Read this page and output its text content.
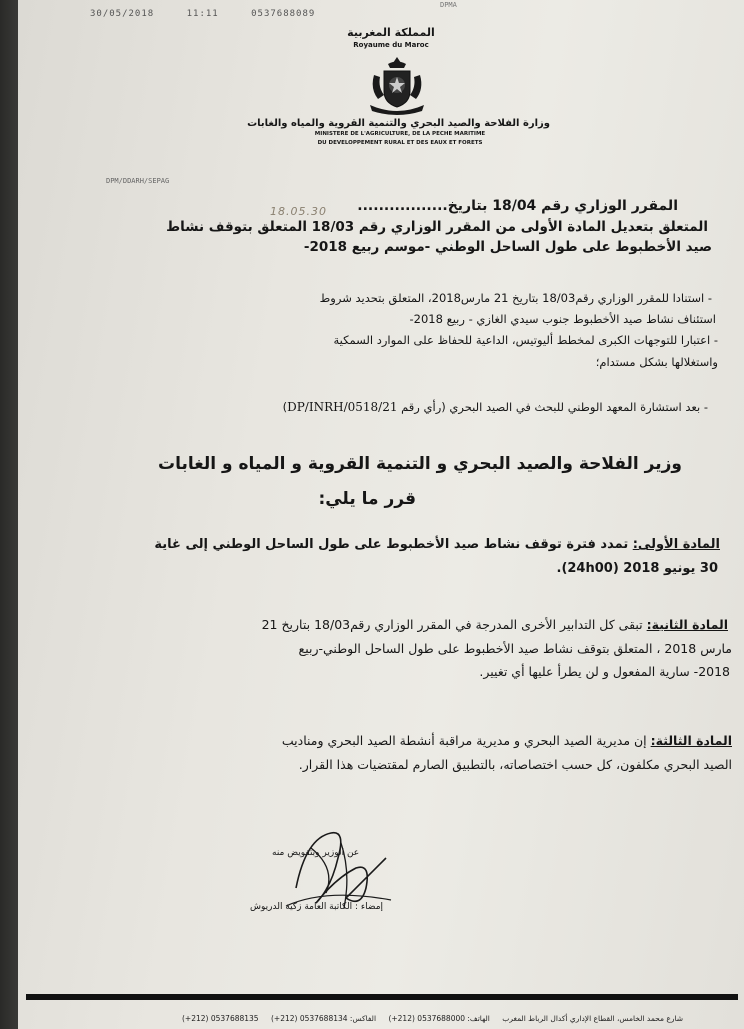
30/05/2018	11:11	0537688089
DPMA
المملكة المغربية
Royaume du Maroc
وزارة الفلاحة والصيد البحري والتنمية القروية والمياه والغابات
MINISTERE DE L'AGRICULTURE, DE LA PECHE MARITIME
DU DEVELOPPEMENT RURAL ET DES EAUX ET FORETS
DPM/DDARH/SEPAG
المقرر الوزاري رقم 18/04 بتاريخ.................
18.05.30
المتعلق بتعديل المادة الأولى من المقرر الوزاري رقم 18/03 المتعلق بتوقف نشاط
صيد الأخطبوط على طول الساحل الوطني -موسم ربيع 2018-
- استنادا للمقرر الوزاري رقم18/03 بتاريخ 21 مارس2018، المتعلق بتحديد شروط
استئناف نشاط صيد الأخطبوط جنوب سيدي الغازي - ربيع 2018-
- اعتبارا للتوجهات الكبرى لمخطط أليوتيس، الداعية للحفاظ على الموارد السمكية
واستغلالها بشكل مستدام؛
- بعد استشارة المعهد الوطني للبحث في الصيد البحري (رأي رقم DP/INRH/0518/21)
وزير الفلاحة والصيد البحري و التنمية القروية و المياه و الغابات
قرر ما يلي:
المادة الأولى: تمدد فترة توقف نشاط صيد الأخطبوط على طول الساحل الوطني إلى غاية
30 يونيو 2018 (24h00).
المادة الثانية: تبقى كل التدابير الأخرى المدرجة في المقرر الوزاري رقم18/03 بتاريخ 21
مارس 2018 ، المتعلق بتوقف نشاط صيد الأخطبوط على طول الساحل الوطني-ربيع
2018- سارية المفعول و لن يطرأ عليها أي تغيير.
المادة الثالثة: إن مديرية الصيد البحري و مديرية مراقبة أنشطة الصيد البحري ومناديب
الصيد البحري مكلفون، كل حسب اختصاصاته، بالتطبيق الصارم لمقتضيات هذا القرار.
عن الوزير وبتفويض منه
إمضاء : الكاتبة العامة زكية الدريوش
شارع محمد الخامس، القطاع الإداري أكدال الرباط المغرب الهاتف: 0537688000 (212+) الفاكس: 0537688134 (212+) 0537688135 (212+)
